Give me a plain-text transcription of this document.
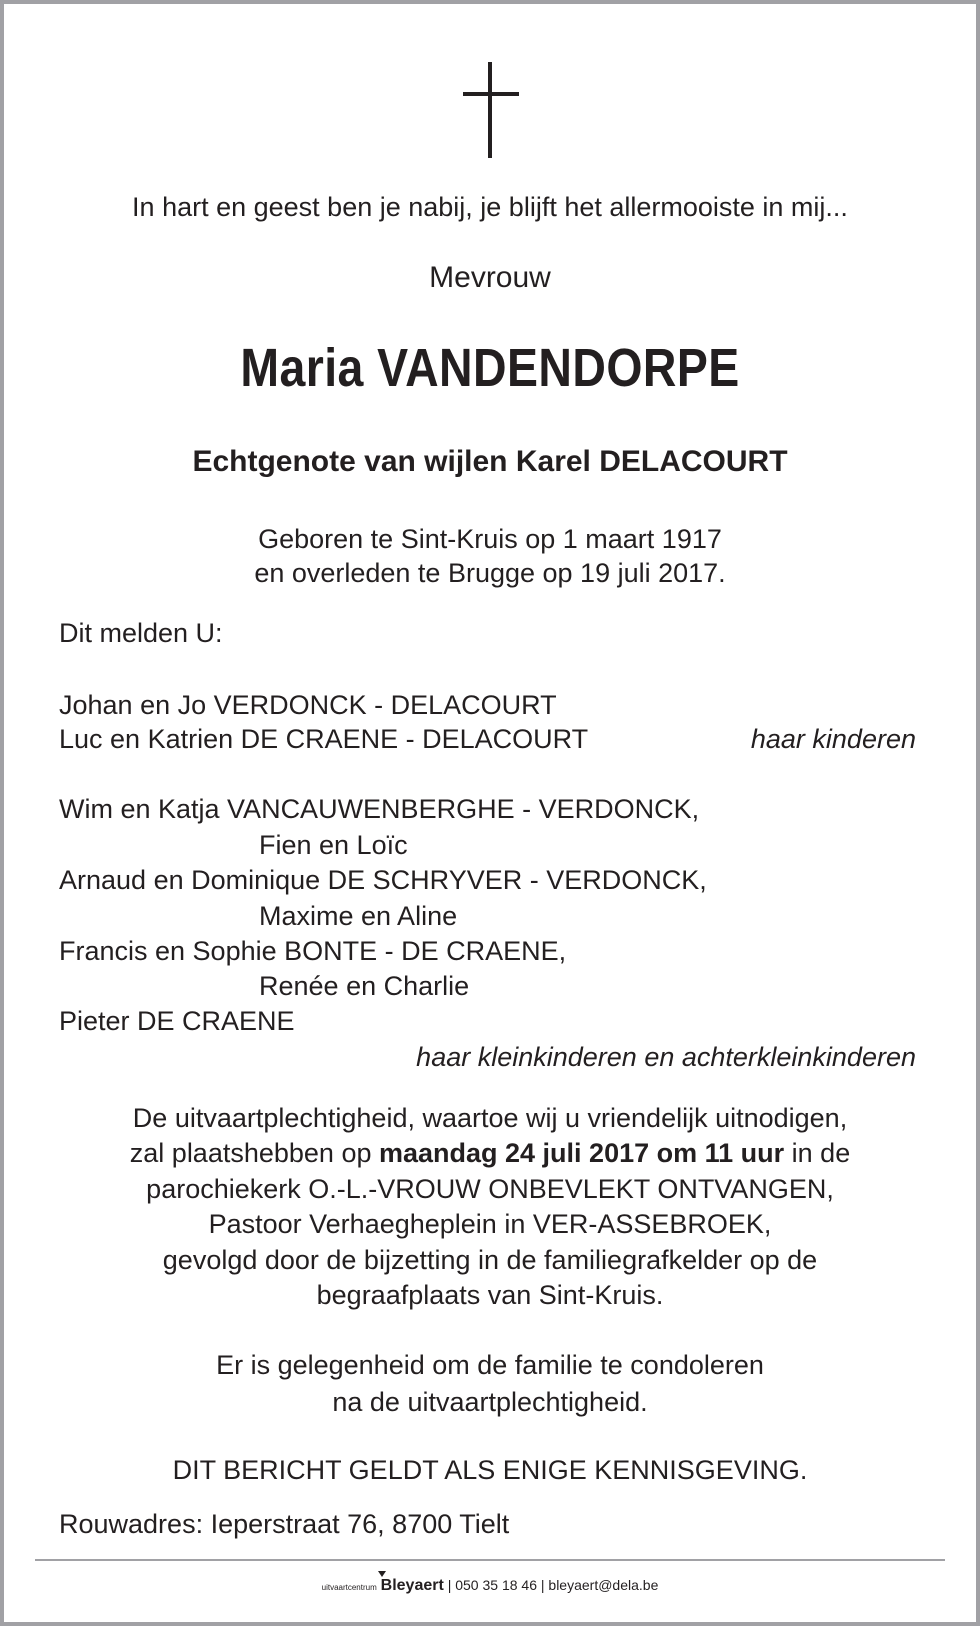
In hart en geest ben je nabij, je blijft het allermooiste in mij...
Mevrouw
Maria VANDENDORPE
Echtgenote van wijlen Karel DELACOURT
Geboren te Sint-Kruis op 1 maart 1917
en overleden te Brugge op 19 juli 2017.
Dit melden U:
Johan en Jo VERDONCK - DELACOURT
Luc en Katrien DE CRAENE - DELACOURT	haar kinderen
Wim en Katja VANCAUWENBERGHE - VERDONCK,
Fien en Loïc
Arnaud en Dominique DE SCHRYVER - VERDONCK,
Maxime en Aline
Francis en Sophie BONTE - DE CRAENE,
Renée en Charlie
Pieter DE CRAENE
haar kleinkinderen en achterkleinkinderen
De uitvaartplechtigheid, waartoe wij u vriendelijk uitnodigen,
zal plaatshebben op maandag 24 juli 2017 om 11 uur in de
parochiekerk O.-L.-VROUW ONBEVLEKT ONTVANGEN,
Pastoor Verhaegheplein in VER-ASSEBROEK,
gevolgd door de bijzetting in de familiegrafkelder op de
begraafplaats van Sint-Kruis.
Er is gelegenheid om de familie te condoleren
na de uitvaartplechtigheid.
DIT BERICHT GELDT ALS ENIGE KENNISGEVING.
Rouwadres: Ieperstraat 76, 8700 Tielt
uitvaartcentrum Bleyaert | 050 35 18 46 | bleyaert@dela.be
